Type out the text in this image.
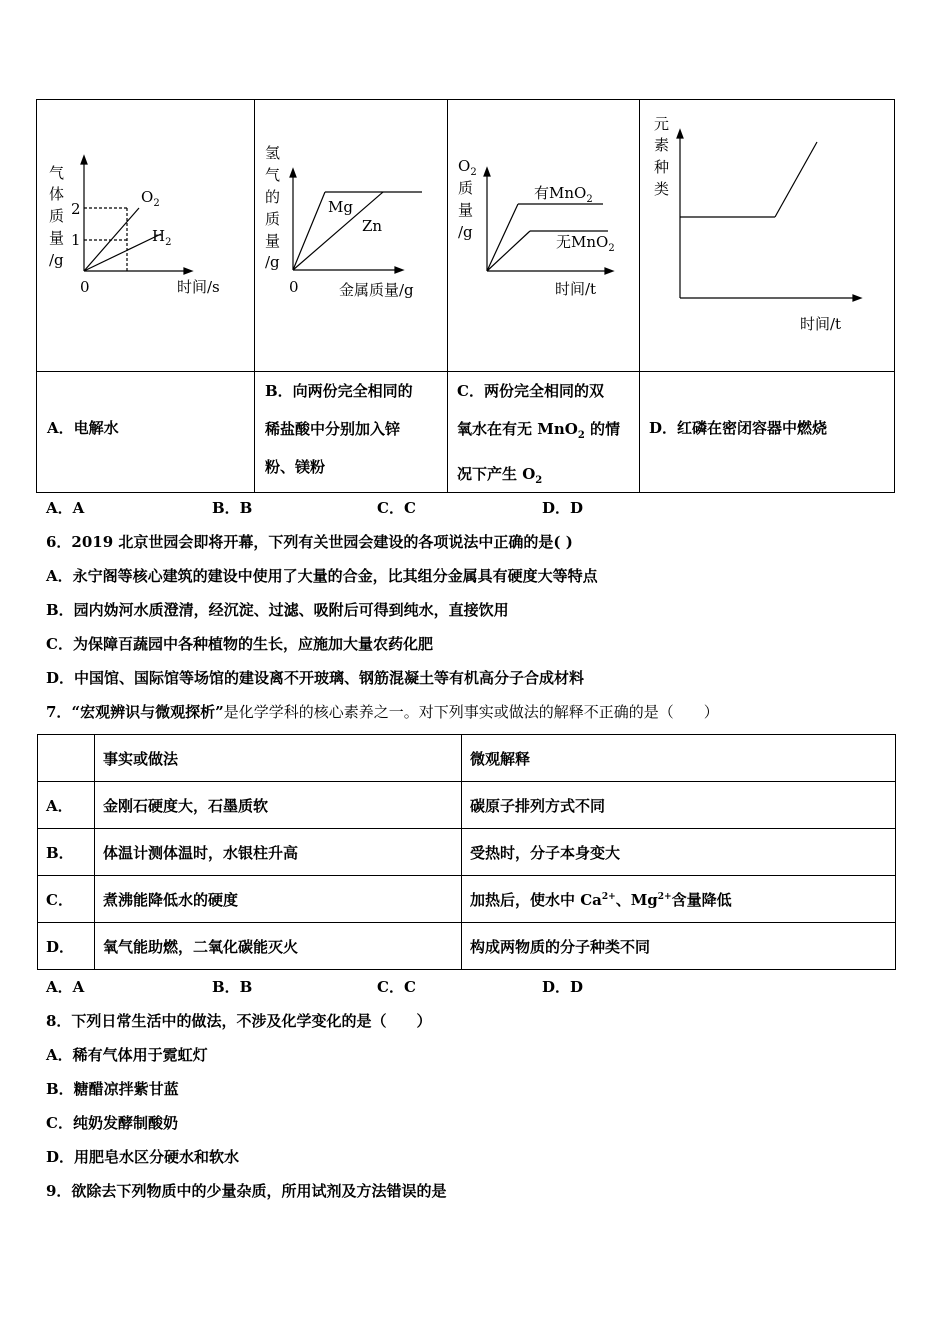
气
体
质
量
/g
2
1
0	时间/s
$O_2$
$H_2$
氢
气
的
质
量
/g
0	金属质量/g
Mg
Zn
$O_2$
质
量
/g
时间/t
有MnO$_2$
无MnO$_2$
元
素
种
类
时间/t
A．电解水
B．向两份完全相同的
稀盐酸中分别加入锌
粉、镁粉
C．两份完全相同的双
氧水在有无 MnO$_2$ 的情
况下产生 $O_2$
D．红磷在密闭容器中燃烧
A．A	B．B	C．C	D．D
6．2019 北京世园会即将开幕，下列有关世园会建设的各项说法中正确的是( )
A．永宁阁等核心建筑的建设中使用了大量的合金，比其组分金属具有硬度大等特点
B．园内妫河水质澄清，经沉淀、过滤、吸附后可得到纯水，直接饮用
C．为保障百蔬园中各种植物的生长，应施加大量农药化肥
D．中国馆、国际馆等场馆的建设离不开玻璃、钢筋混凝土等有机高分子合成材料
7．“宏观辨识与微观探析”是化学学科的核心素养之一。对下列事实或做法的解释不正确的是（　　）
	事实或做法	微观解释
A．	金刚石硬度大，石墨质软	碳原子排列方式不同
B．	体温计测体温时，水银柱升高	受热时，分子本身变大
C．	煮沸能降低水的硬度	加热后，使水中 $Ca^{2+}$、$Mg^{2+}$含量降低
D．	氧气能助燃，二氧化碳能灭火	构成两物质的分子种类不同
A．A	B．B	C．C	D．D
8．下列日常生活中的做法，不涉及化学变化的是（　　）
A．稀有气体用于霓虹灯
B．糖醋凉拌紫甘蓝
C．纯奶发酵制酸奶
D．用肥皂水区分硬水和软水
9．欲除去下列物质中的少量杂质，所用试剂及方法错误的是
